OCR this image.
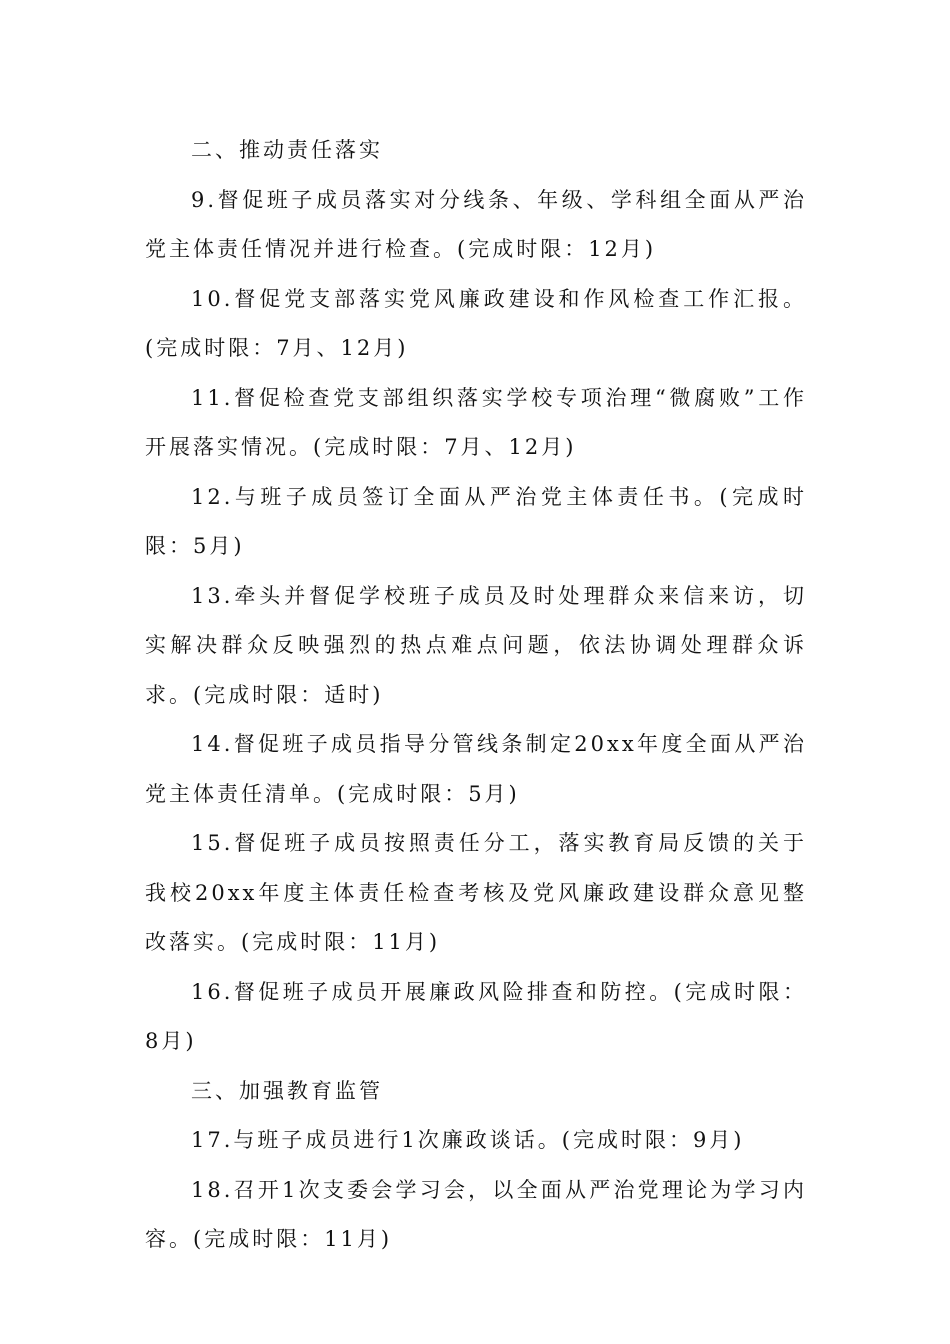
二、推动责任落实

9.督促班子成员落实对分线条、年级、学科组全面从严治党主体责任情况并进行检查。(完成时限：12月)

10.督促党支部落实党风廉政建设和作风检查工作汇报。(完成时限：7月、12月)

11.督促检查党支部组织落实学校专项治理“微腐败”工作开展落实情况。(完成时限：7月、12月)

12.与班子成员签订全面从严治党主体责任书。(完成时限：5月)

13.牵头并督促学校班子成员及时处理群众来信来访，切实解决群众反映强烈的热点难点问题，依法协调处理群众诉求。(完成时限：适时)

14.督促班子成员指导分管线条制定20xx年度全面从严治党主体责任清单。(完成时限：5月)

15.督促班子成员按照责任分工，落实教育局反馈的关于我校20xx年度主体责任检查考核及党风廉政建设群众意见整改落实。(完成时限：11月)

16.督促班子成员开展廉政风险排查和防控。(完成时限：8月)

三、加强教育监管

17.与班子成员进行1次廉政谈话。(完成时限：9月)

18.召开1次支委会学习会，以全面从严治党理论为学习内容。(完成时限：11月)
